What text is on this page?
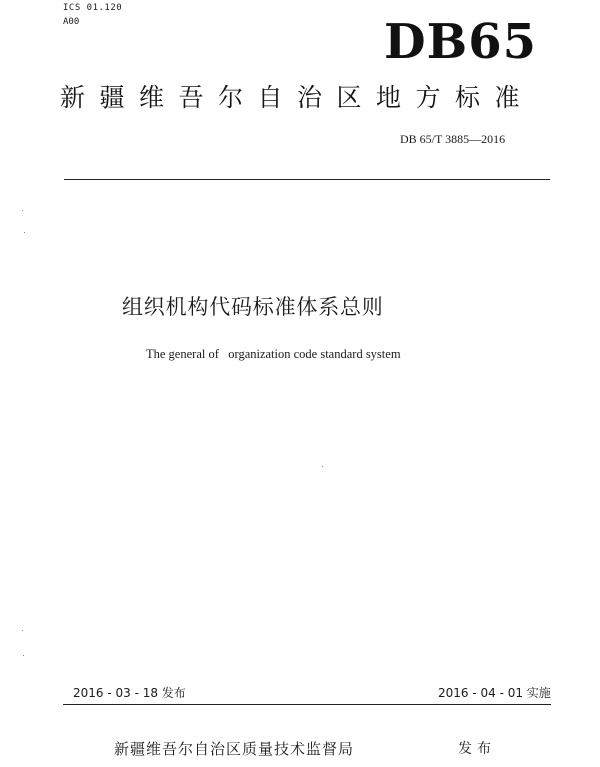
ICS 01.120
A00	DB65
新疆维吾尔自治区地方标准
DB 65/T 3885—2016
组织机构代码标准体系总则
The general of   organization code standard system
2016 - 03 - 18 发布	2016 - 04 - 01 实施
新疆维吾尔自治区质量技术监督局	发布
